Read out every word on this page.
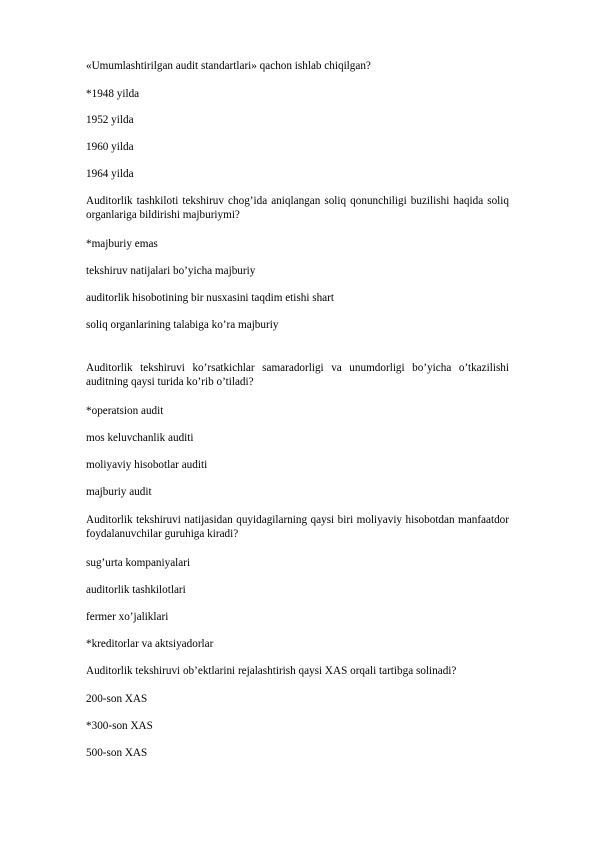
«Umumlashtirilgan audit standartlari» qachon ishlab chiqilgan?
*1948 yilda
1952 yilda
1960 yilda
1964 yilda
Auditorlik tashkiloti tekshiruv chog’ida aniqlangan soliq qonunchiligi buzilishi haqida soliq organlariga bildirishi majburiymi?
*majburiy emas
tekshiruv natijalari bo’yicha majburiy
auditorlik hisobotining bir nusxasini taqdim etishi shart
soliq organlarining talabiga ko’ra majburiy
Auditorlik tekshiruvi ko’rsatkichlar samaradorligi va unumdorligi bo’yicha o’tkazilishi auditning qaysi turida ko’rib o’tiladi?
*operatsion audit
mos keluvchanlik auditi
moliyaviy hisobotlar auditi
majburiy audit
Auditorlik tekshiruvi natijasidan quyidagilarning qaysi biri moliyaviy hisobotdan manfaatdor foydalanuvchilar guruhiga kiradi?
sug’urta kompaniyalari
auditorlik tashkilotlari
fermer xo’jaliklari
*kreditorlar va aktsiyadorlar
Auditorlik tekshiruvi ob’ektlarini rejalashtirish qaysi XAS orqali tartibga solinadi?
200-son XAS
*300-son XAS
500-son XAS
